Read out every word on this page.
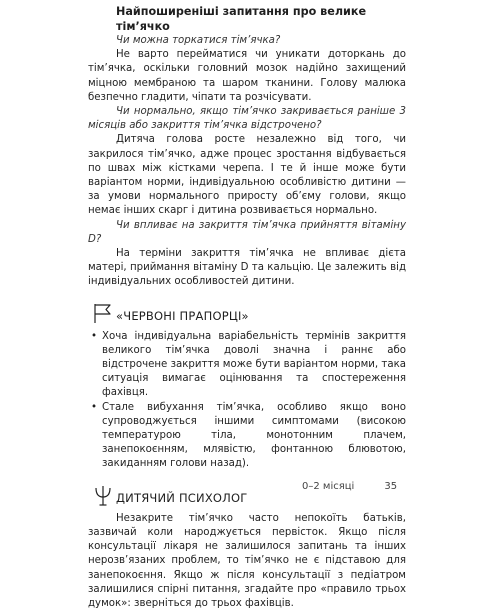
Найпоширеніші запитання про велике тім’ячко

Чи можна торкатися тім’ячка?

Не варто перейматися чи уникати доторкань до тім’ячка, оскільки головний мозок надійно захищений міцною мембраною та шаром тканини. Голову малюка безпечно гладити, чіпати та розчісувати.

Чи нормально, якщо тім’ячко закривається раніше 3 місяців або закриття тім’ячка відстрочено?

Дитяча голова росте незалежно від того, чи закрилося тім’ячко, адже процес зростання відбувається по швах між кістками черепа. І те й інше може бути варіантом норми, індивідуальною особливістю дитини — за умови нормального приросту об’єму голови, якщо немає інших скарг і дитина розвивається нормально.

Чи впливає на закриття тім’ячка прийняття вітаміну D?

На терміни закриття тім’ячка не впливає дієта матері, приймання вітаміну D та кальцію. Це залежить від індивідуальних особливостей дитини.

«ЧЕРВОНІ ПРАПОРЦІ»
• Хоча індивідуальна варіабельність термінів закриття великого тім’ячка доволі значна і раннє або відстрочене закриття може бути варіантом норми, така ситуація вимагає оцінювання та спостереження фахівця.
• Стале вибухання тім’ячка, особливо якщо воно супроводжується іншими симптомами (високою температурою тіла, монотонним плачем, занепокоєнням, млявістю, фонтанною блювотою, закиданням голови назад).
ДИТЯЧИЙ ПСИХОЛОГ

Незакрите тім’ячко часто непокоїть батьків, зазвичай коли народжується первісток. Якщо після консультації лікаря не залишилося запитань та інших нерозв’язаних проблем, то тім’ячко не є підставою для занепокоєння. Якщо ж після консультації з педіатром залишилися спірні питання, згадайте про «правило трьох думок»: зверніться до трьох фахівців.

0–2 місяці	35
